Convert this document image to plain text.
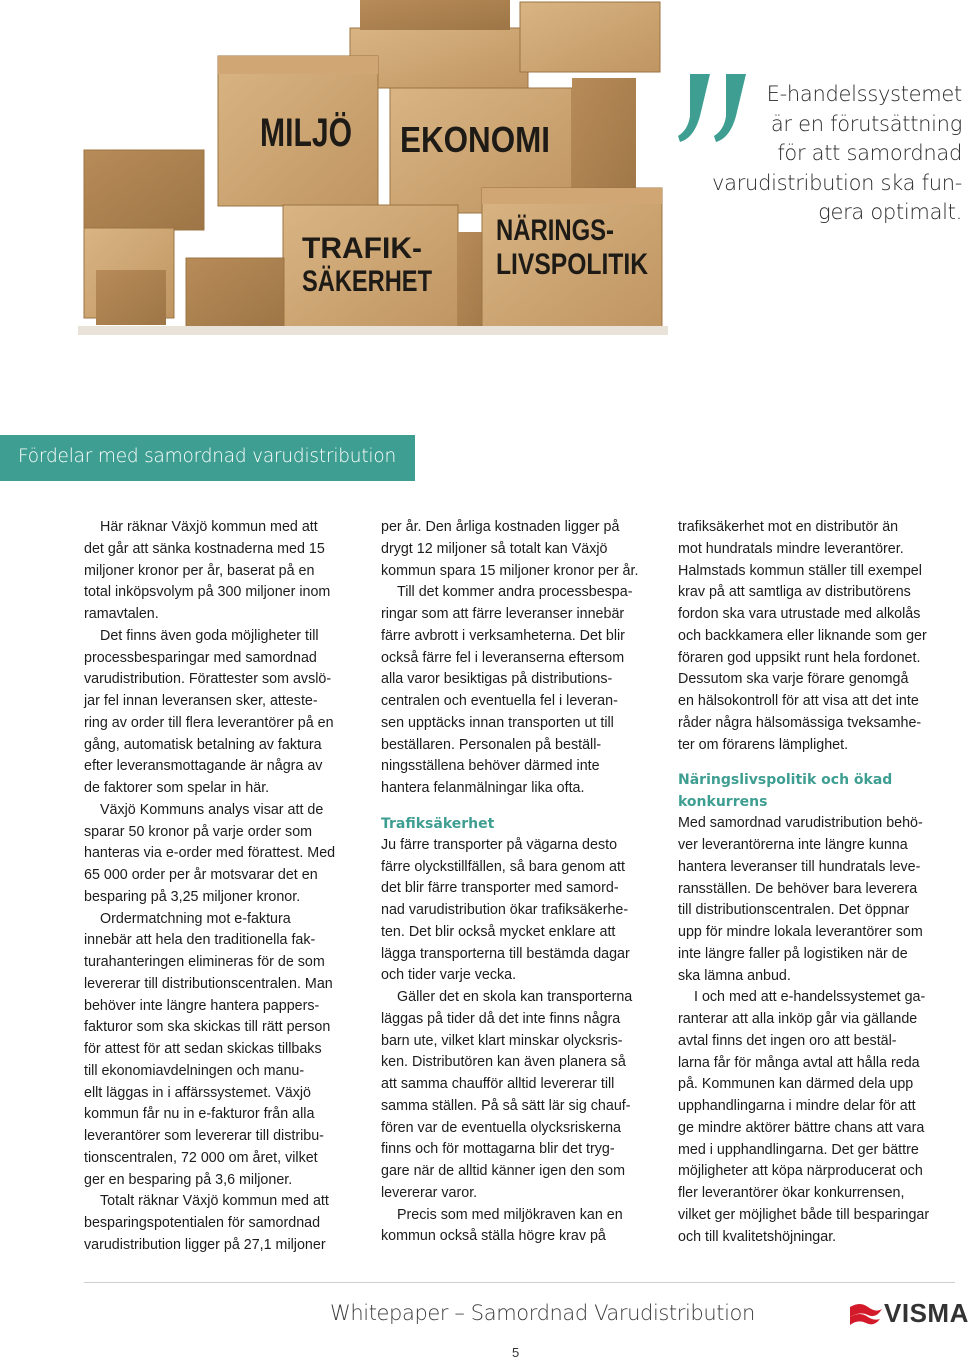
MILJÖ EKONOMI
TRAFIK-
SÄKERHET
NÄRINGS-
LIVSPOLITIK

E-handelssystemet
är en förutsättning
för att samordnad
varudistribution ska fun-
gera optimalt.

Fördelar med samordnad varudistribution

Här räknar Växjö kommun med att
det går att sänka kostnaderna med 15
miljoner kronor per år, baserat på en
total inköpsvolym på 300 miljoner inom
ramavtalen.

Det finns även goda möjligheter till
processbesparingar med samordnad
varudistribution. Förattester som avslö-
jar fel innan leveransen sker, atteste-
ring av order till flera leverantörer på en
gång, automatisk betalning av faktura
efter leveransmottagande är några av
de faktorer som spelar in här.

Växjö Kommuns analys visar att de
sparar 50 kronor på varje order som
hanteras via e-order med förattest. Med
65 000 order per år motsvarar det en
besparing på 3,25 miljoner kronor.

Ordermatchning mot e-faktura
innebär att hela den traditionella fak-
turahanteringen elimineras för de som
levererar till distributionscentralen. Man
behöver inte längre hantera pappers-
fakturor som ska skickas till rätt person
för attest för att sedan skickas tillbaks
till ekonomiavdelningen och manu-
ellt läggas in i affärssystemet. Växjö
kommun får nu in e-fakturor från alla
leverantörer som levererar till distribu-
tionscentralen, 72 000 om året, vilket
ger en besparing på 3,6 miljoner.

Totalt räknar Växjö kommun med att
besparingspotentialen för samordnad
varudistribution ligger på 27,1 miljoner

per år. Den årliga kostnaden ligger på
drygt 12 miljoner så totalt kan Växjö
kommun spara 15 miljoner kronor per år.

Till det kommer andra processbespa-
ringar som att färre leveranser innebär
färre avbrott i verksamheterna. Det blir
också färre fel i leveranserna eftersom
alla varor besiktigas på distributions-
centralen och eventuella fel i leveran-
sen upptäcks innan transporten ut till
beställaren. Personalen på beställ-
ningsställena behöver därmed inte
hantera felanmälningar lika ofta.

Trafiksäkerhet

Ju färre transporter på vägarna desto
färre olyckstillfällen, så bara genom att
det blir färre transporter med samord-
nad varudistribution ökar trafiksäkerhe-
ten. Det blir också mycket enklare att
lägga transporterna till bestämda dagar
och tider varje vecka.

Gäller det en skola kan transporterna
läggas på tider då det inte finns några
barn ute, vilket klart minskar olycksris-
ken. Distributören kan även planera så
att samma chaufför alltid levererar till
samma ställen. På så sätt lär sig chauf-
fören var de eventuella olycksriskerna
finns och för mottagarna blir det tryg-
gare när de alltid känner igen den som
levererar varor.

Precis som med miljökraven kan en
kommun också ställa högre krav på

trafiksäkerhet mot en distributör än
mot hundratals mindre leverantörer.
Halmstads kommun ställer till exempel
krav på att samtliga av distributörens
fordon ska vara utrustade med alkolås
och backkamera eller liknande som ger
föraren god uppsikt runt hela fordonet.
Dessutom ska varje förare genomgå
en hälsokontroll för att visa att det inte
råder några hälsomässiga tveksamhe-
ter om förarens lämplighet.

Näringslivspolitik och ökad
konkurrens

Med samordnad varudistribution behö-
ver leverantörerna inte längre kunna
hantera leveranser till hundratals leve-
ransställen. De behöver bara leverera
till distributionscentralen. Det öppnar
upp för mindre lokala leverantörer som
inte längre faller på logistiken när de
ska lämna anbud.

I och med att e-handelssystemet ga-
ranterar att alla inköp går via gällande
avtal finns det ingen oro att bestäl-
larna får för många avtal att hålla reda
på. Kommunen kan därmed dela upp
upphandlingarna i mindre delar för att
ge mindre aktörer bättre chans att vara
med i upphandlingarna. Det ger bättre
möjligheter att köpa närproducerat och
fler leverantörer ökar konkurrensen,
vilket ger möjlighet både till besparingar
och till kvalitetshöjningar.

Whitepaper – Samordnad Varudistribution	VISMA

5
